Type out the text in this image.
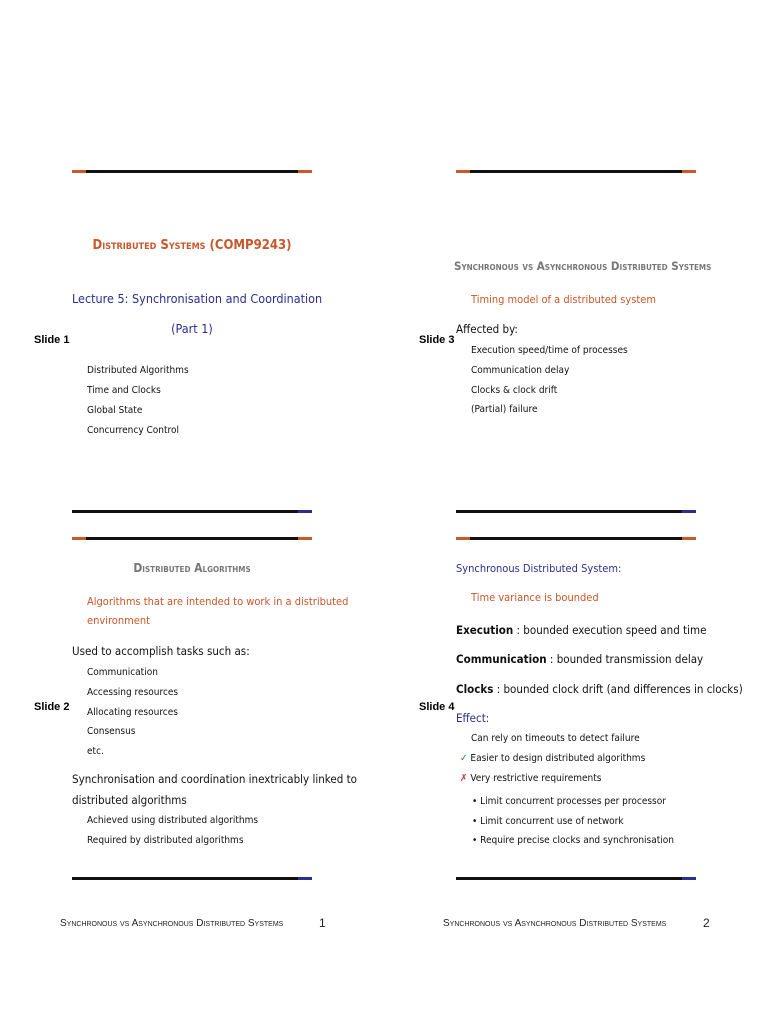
Distributed Systems (COMP9243)
Lecture 5: Synchronisation and Coordination
(Part 1)
Slide 1
Distributed Algorithms
Time and Clocks
Global State
Concurrency Control
Synchronous vs Asynchronous Distributed Systems
Timing model of a distributed system
Affected by:
Slide 3
Execution speed/time of processes
Communication delay
Clocks & clock drift
(Partial) failure
Distributed Algorithms
Algorithms that are intended to work in a distributed
environment
Used to accomplish tasks such as:
Communication
Accessing resources
Allocating resources
Consensus
etc.
Slide 2
Synchronisation and coordination inextricably linked to
distributed algorithms
Achieved using distributed algorithms
Required by distributed algorithms
Synchronous Distributed System:
Time variance is bounded
Execution : bounded execution speed and time
Communication : bounded transmission delay
Clocks : bounded clock drift (and differences in clocks)
Slide 4
Effect:
Can rely on timeouts to detect failure
✓ Easier to design distributed algorithms
✗ Very restrictive requirements
• Limit concurrent processes per processor
• Limit concurrent use of network
• Require precise clocks and synchronisation
Synchronous vs Asynchronous Distributed Systems	1	Synchronous vs Asynchronous Distributed Systems	2
